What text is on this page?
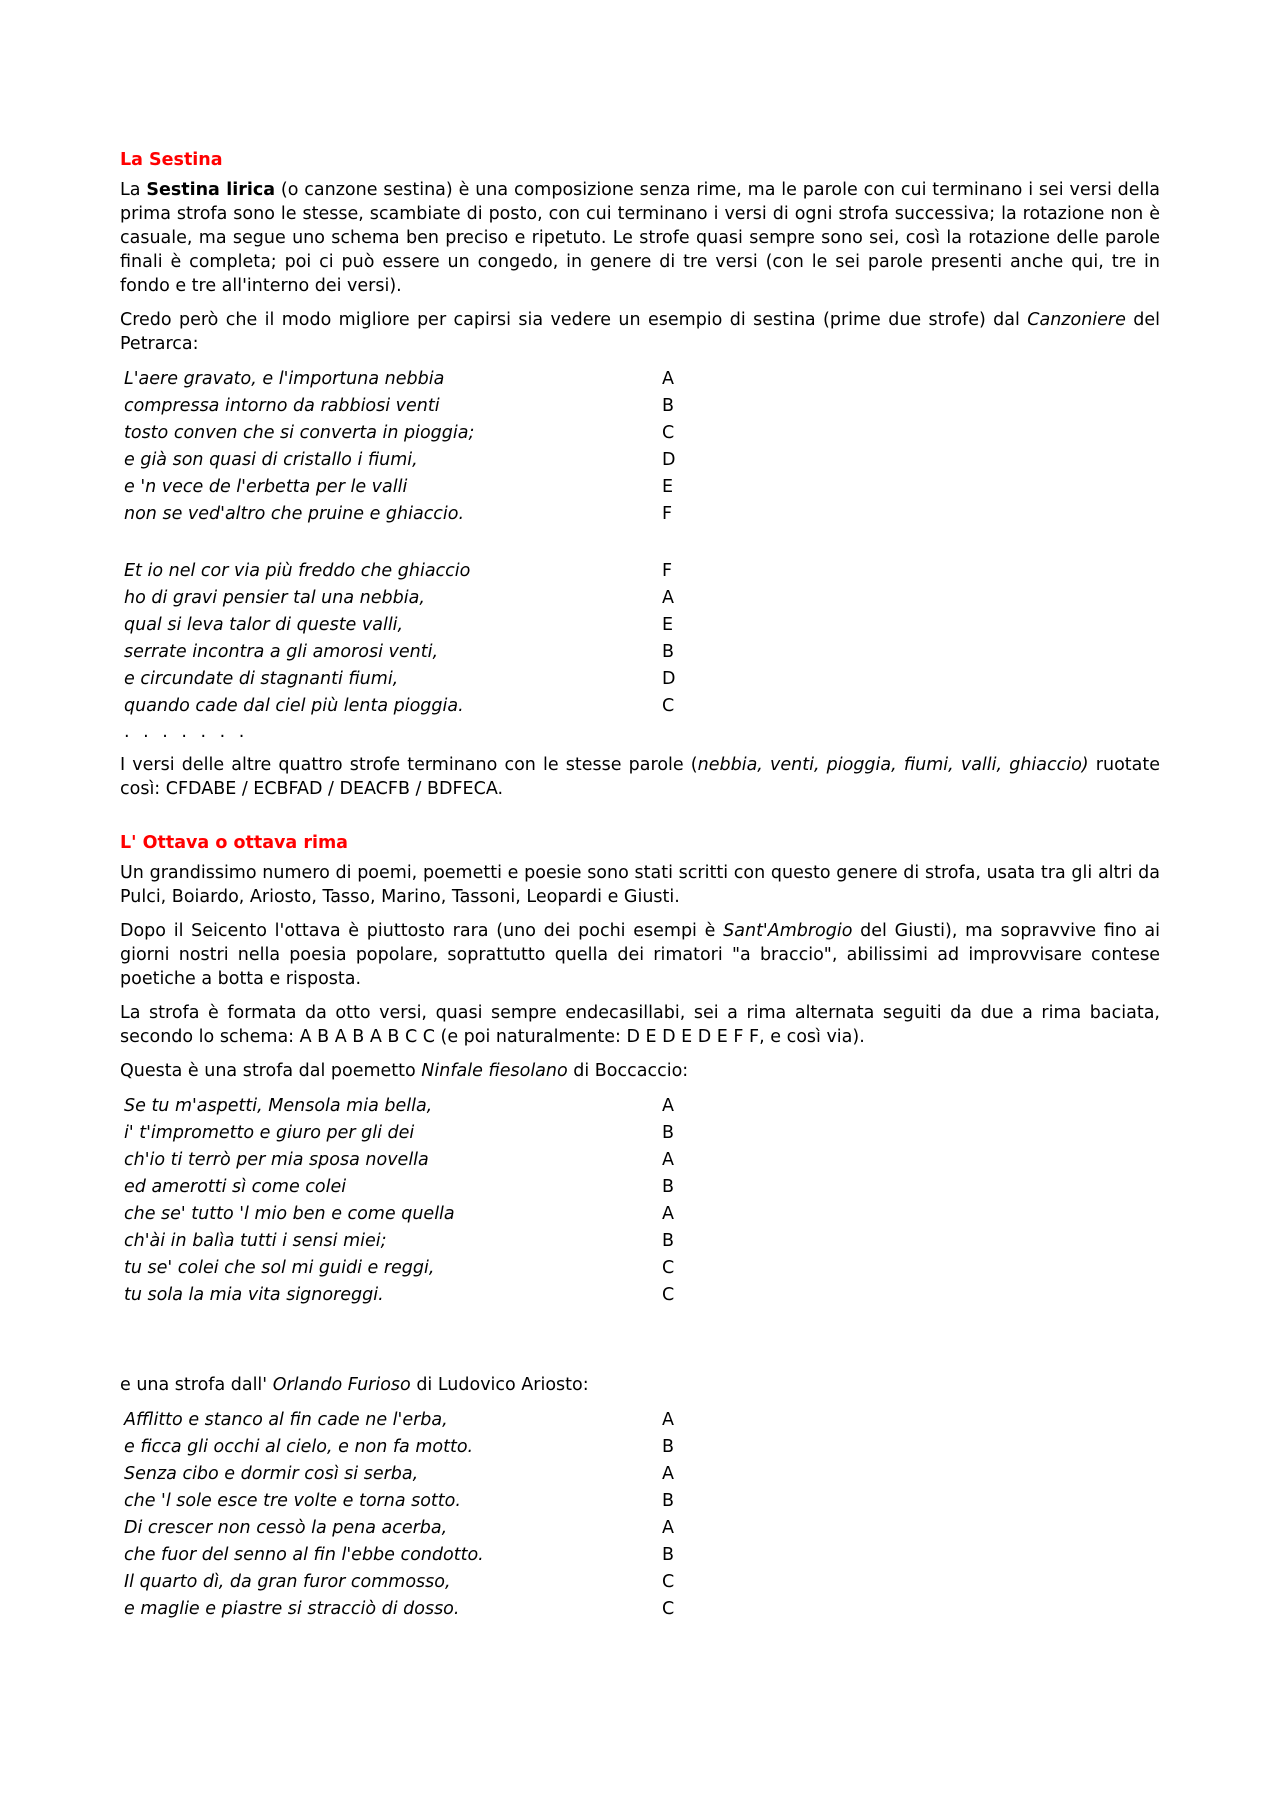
La Sestina

La Sestina lirica (o canzone sestina) è una composizione senza rime, ma le parole con cui terminano i sei versi della prima strofa sono le stesse, scambiate di posto, con cui terminano i versi di ogni strofa successiva; la rotazione non è casuale, ma segue uno schema ben preciso e ripetuto. Le strofe quasi sempre sono sei, così la rotazione delle parole finali è completa; poi ci può essere un congedo, in genere di tre versi (con le sei parole presenti anche qui, tre in fondo e tre all'interno dei versi).

Credo però che il modo migliore per capirsi sia vedere un esempio di sestina (prime due strofe) dal Canzoniere del Petrarca:

L'aere gravato, e l'importuna nebbia	A
compressa intorno da rabbiosi venti	B
tosto conven che si converta in pioggia;	C
e già son quasi di cristallo i fiumi,	D
e 'n vece de l'erbetta per le valli	E
non se ved'altro che pruine e ghiaccio.	F
Et io nel cor via più freddo che ghiaccio	F
ho di gravi pensier tal una nebbia,	A
qual si leva talor di queste valli,	E
serrate incontra a gli amorosi venti,	B
e circundate di stagnanti fiumi,	D
quando cade dal ciel più lenta pioggia.	C
. . . . . . .

I versi delle altre quattro strofe terminano con le stesse parole (nebbia, venti, pioggia, fiumi, valli, ghiaccio) ruotate così: CFDABE / ECBFAD / DEACFB / BDFECA.

L' Ottava o ottava rima

Un grandissimo numero di poemi, poemetti e poesie sono stati scritti con questo genere di strofa, usata tra gli altri da Pulci, Boiardo, Ariosto, Tasso, Marino, Tassoni, Leopardi e Giusti.

Dopo il Seicento l'ottava è piuttosto rara (uno dei pochi esempi è Sant'Ambrogio del Giusti), ma sopravvive fino ai giorni nostri nella poesia popolare, soprattutto quella dei rimatori "a braccio", abilissimi ad improvvisare contese poetiche a botta e risposta.

La strofa è formata da otto versi, quasi sempre endecasillabi, sei a rima alternata seguiti da due a rima baciata, secondo lo schema: A B A B A B C C (e poi naturalmente: D E D E D E F F, e così via).

Questa è una strofa dal poemetto Ninfale fiesolano di Boccaccio:

Se tu m'aspetti, Mensola mia bella,	A
i' t'imprometto e giuro per gli dei	B
ch'io ti terrò per mia sposa novella	A
ed amerotti sì come colei	B
che se' tutto 'l mio ben e come quella	A
ch'ài in balìa tutti i sensi miei;	B
tu se' colei che sol mi guidi e reggi,	C
tu sola la mia vita signoreggi.	C

e una strofa dall' Orlando Furioso di Ludovico Ariosto:

Afflitto e stanco al fin cade ne l'erba,	A
e ficca gli occhi al cielo, e non fa motto.	B
Senza cibo e dormir così si serba,	A
che 'l sole esce tre volte e torna sotto.	B
Di crescer non cessò la pena acerba,	A
che fuor del senno al fin l'ebbe condotto.	B
Il quarto dì, da gran furor commosso,	C
e maglie e piastre si stracciò di dosso.	C
